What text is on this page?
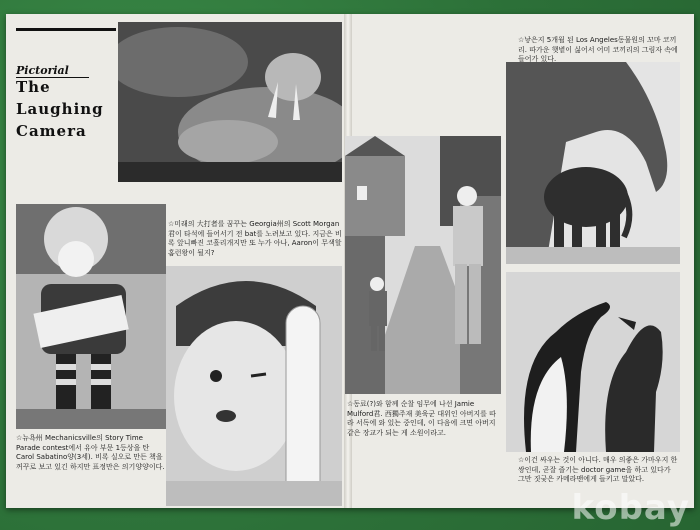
Pictorial
The
Laughing
Camera
☆미래의 大打者를 꿈꾸는 Georgia州의 Scott Morgan 君이 타석에 들어서기 전 bat를 노려보고 있다. 지금은 비록 앞니빠진 코흘리개지만 또 누가 아나, Aaron이 무색할 홈런왕이 될지?
☆뉴욕州 Mechanicsville의 Story Time Parade contest에서 유아 부문 1등상을 탄 Carol Sabatino양(3세). 비록 실오로 만든 책을 꺼꾸로 보고 있긴 하지만 표정만은 의기양양이다.
☆동료(?)와 함께 순찰 임무에 나선 Jamie Mulford君. 西獨주재 美육군 대위인 아버지를 따라 서독에 와 있는 중인데, 이 다음에 크면 아버지 같은 장교가 되는 게 소원이라고.
☆낳은지 5개월 된 Los Angeles동물원의 꼬마 코끼리. 따가운 햇볕이 싫어서 어미 코끼리의 그림자 속에 들어가 있다.
☆이건 싸우는 것이 아니다. 매우 의좋은 가마우지 한쌍인데, 곧잘 즐기는 doctor game을 하고 있다가 그만 짓궂은 카메라맨에게 들키고 말았다.
kobay
